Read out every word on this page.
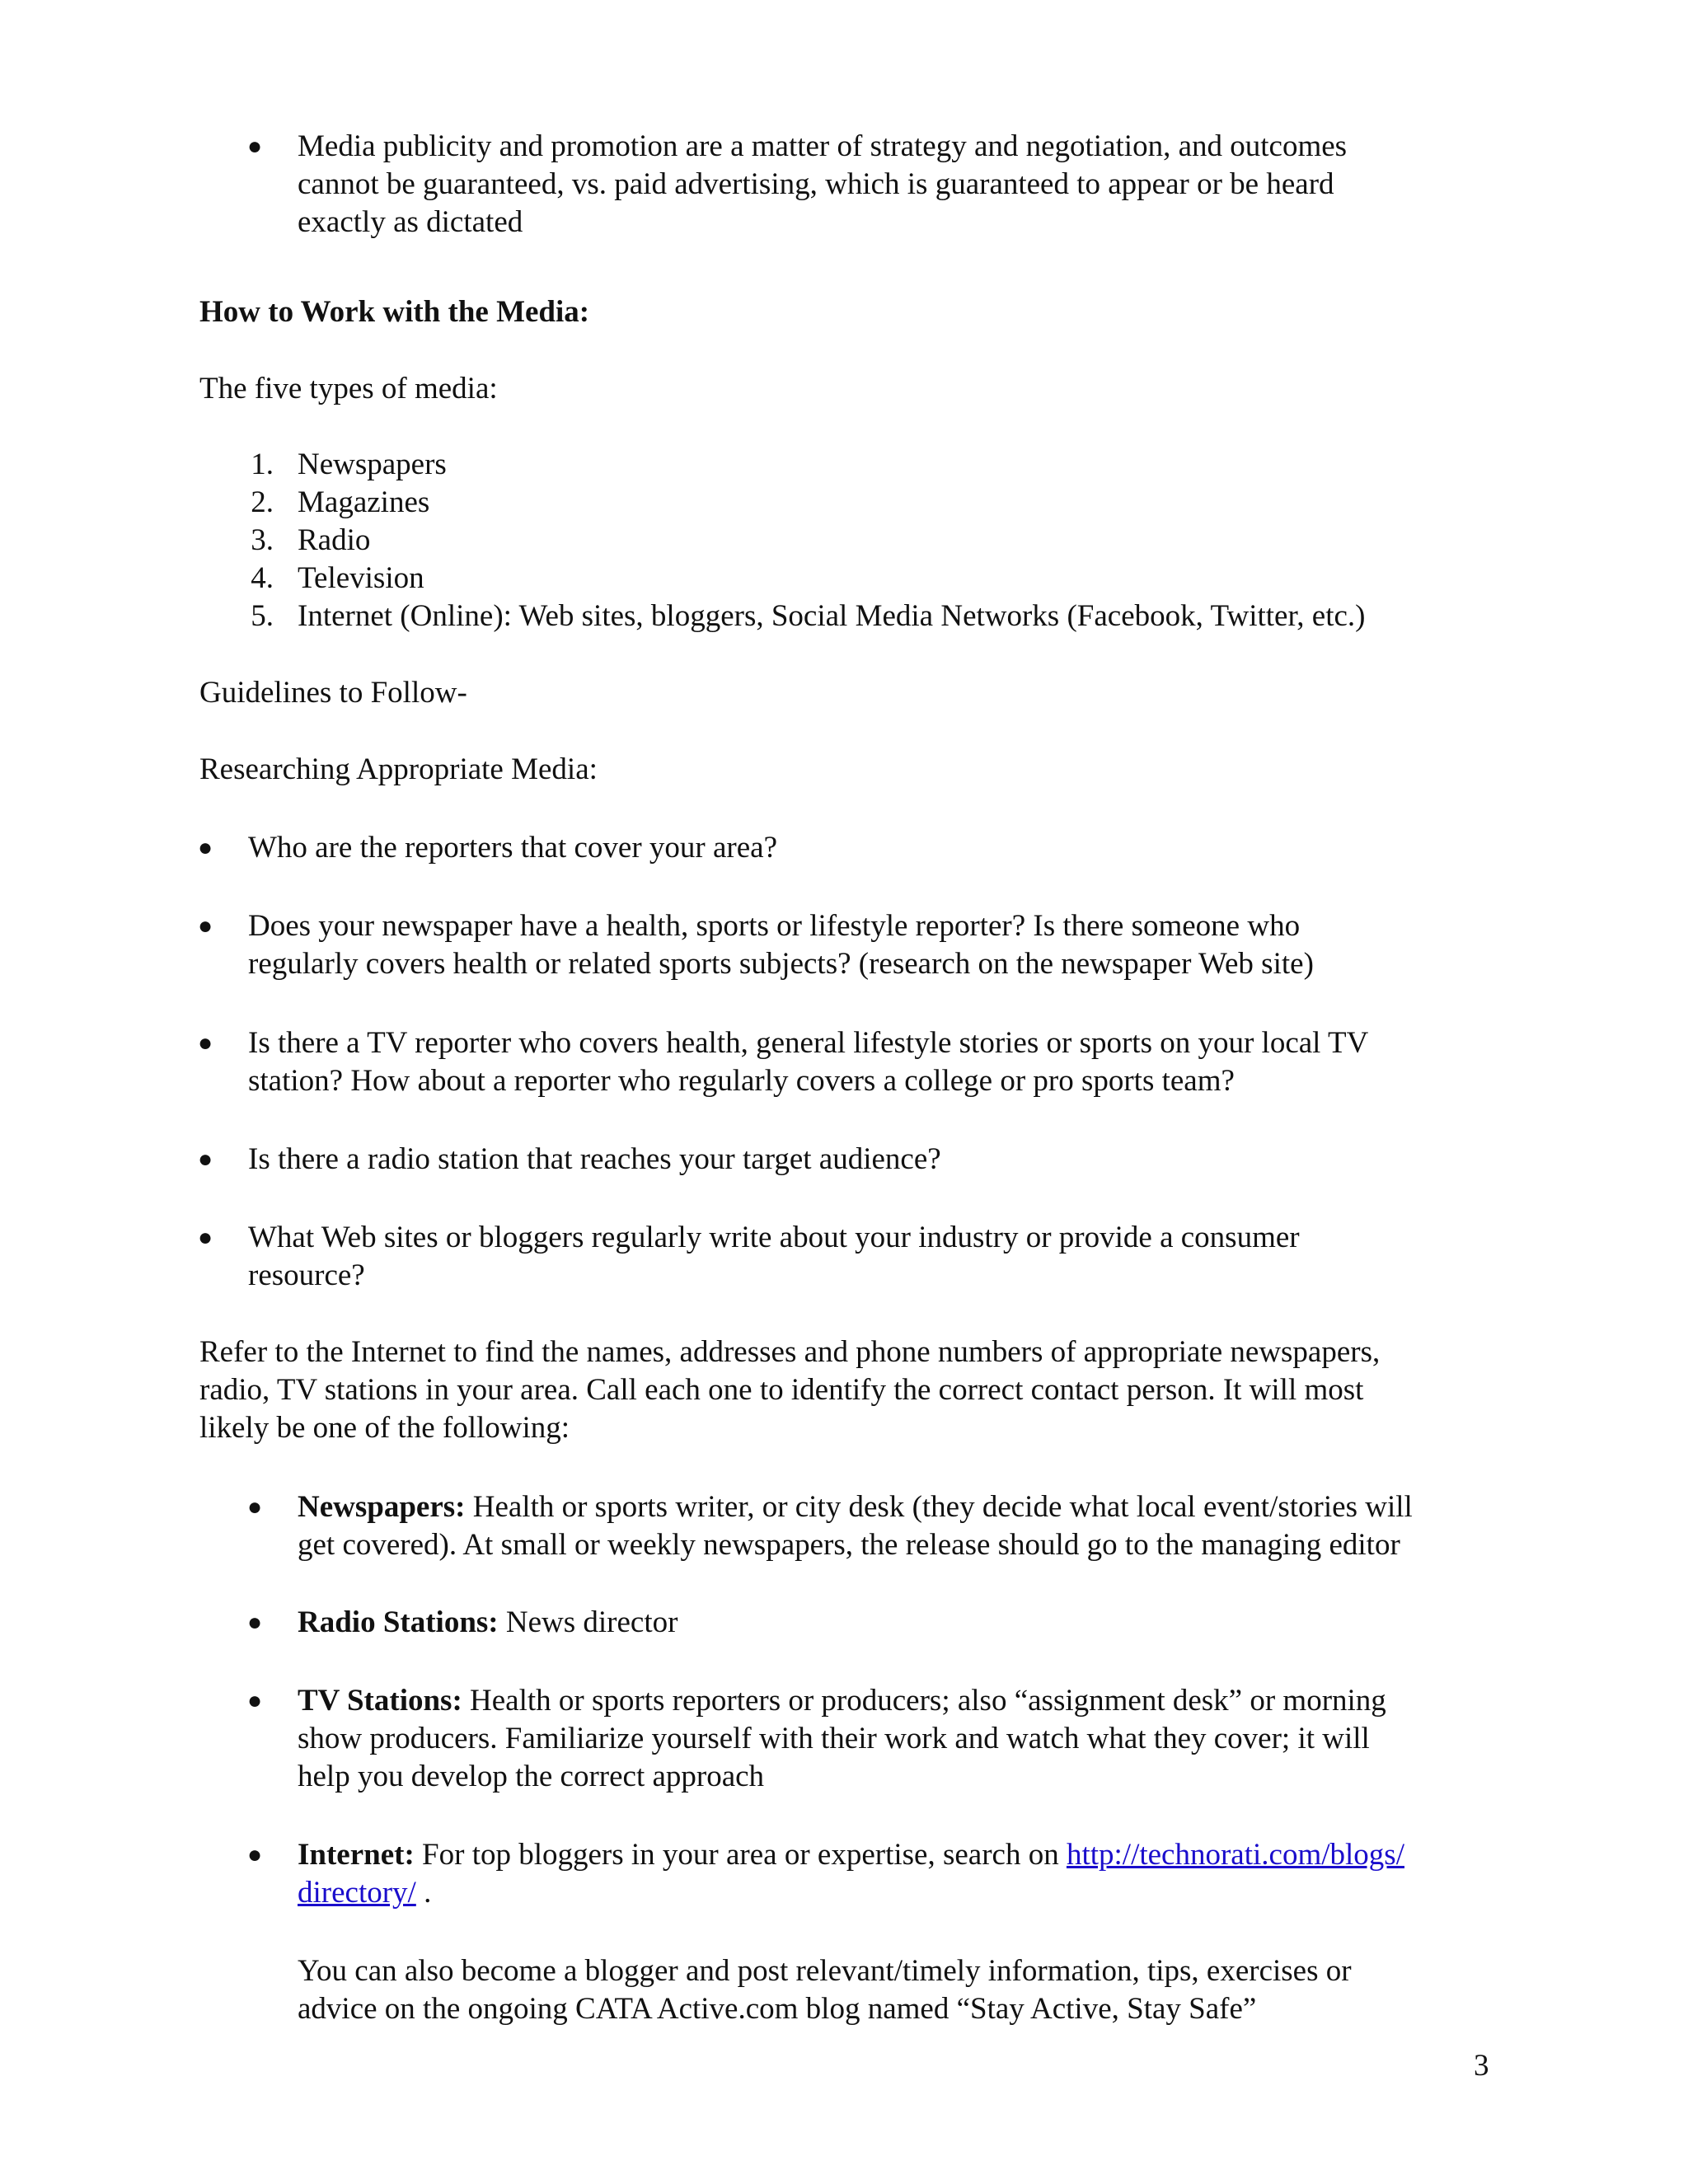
● Media publicity and promotion are a matter of strategy and negotiation, and outcomes
cannot be guaranteed, vs. paid advertising, which is guaranteed to appear or be heard
exactly as dictated
How to Work with the Media:
The five types of media:
1. Newspapers
2. Magazines
3. Radio
4. Television
5. Internet (Online): Web sites, bloggers, Social Media Networks (Facebook, Twitter, etc.)
Guidelines to Follow-
Researching Appropriate Media:
● Who are the reporters that cover your area?
● Does your newspaper have a health, sports or lifestyle reporter? Is there someone who
regularly covers health or related sports subjects? (research on the newspaper Web site)
● Is there a TV reporter who covers health, general lifestyle stories or sports on your local TV
station? How about a reporter who regularly covers a college or pro sports team?
● Is there a radio station that reaches your target audience?
● What Web sites or bloggers regularly write about your industry or provide a consumer
resource?
Refer to the Internet to find the names, addresses and phone numbers of appropriate newspapers,
radio, TV stations in your area. Call each one to identify the correct contact person. It will most
likely be one of the following:
● Newspapers: Health or sports writer, or city desk (they decide what local event/stories will
get covered). At small or weekly newspapers, the release should go to the managing editor
● Radio Stations: News director
● TV Stations: Health or sports reporters or producers; also “assignment desk” or morning
show producers. Familiarize yourself with their work and watch what they cover; it will
help you develop the correct approach
● Internet: For top bloggers in your area or expertise, search on http://technorati.com/blogs/
directory/ .
You can also become a blogger and post relevant/timely information, tips, exercises or
advice on the ongoing CATA Active.com blog named “Stay Active, Stay Safe”
3
